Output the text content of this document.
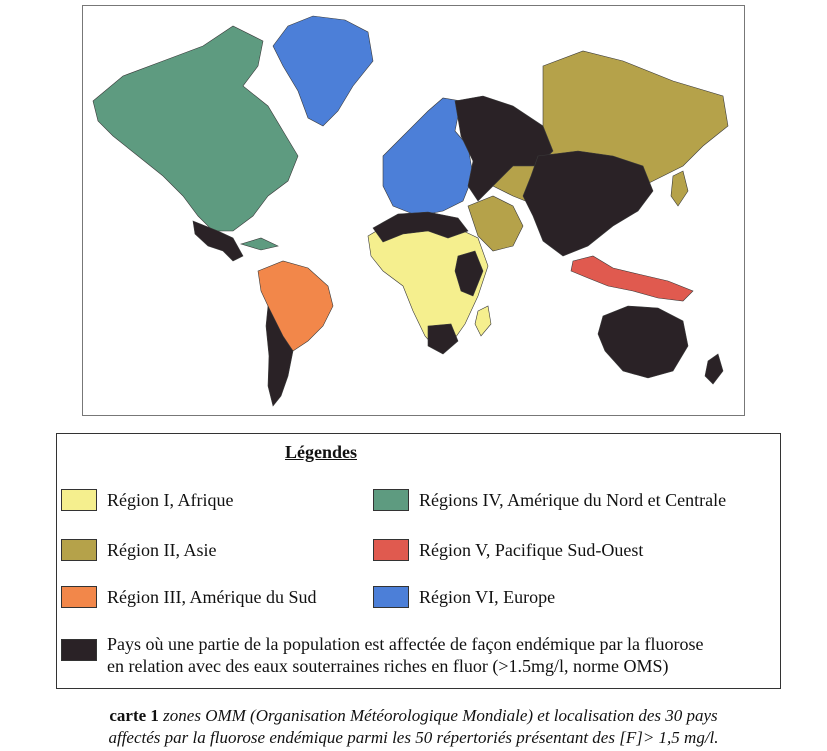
Légendes
Région I, Afrique	Régions IV, Amérique du Nord et Centrale
Région II, Asie	Région V, Pacifique Sud-Ouest
Région III, Amérique du Sud	Région VI, Europe
Pays où une partie de la population est affectée de façon endémique par la fluorose
en relation avec des eaux souterraines riches en fluor (>1.5mg/l, norme OMS)
carte 1 zones OMM (Organisation Météorologique Mondiale) et localisation des 30 pays
affectés par la fluorose endémique parmi les 50 répertoriés présentant des [F]> 1,5 mg/l.
